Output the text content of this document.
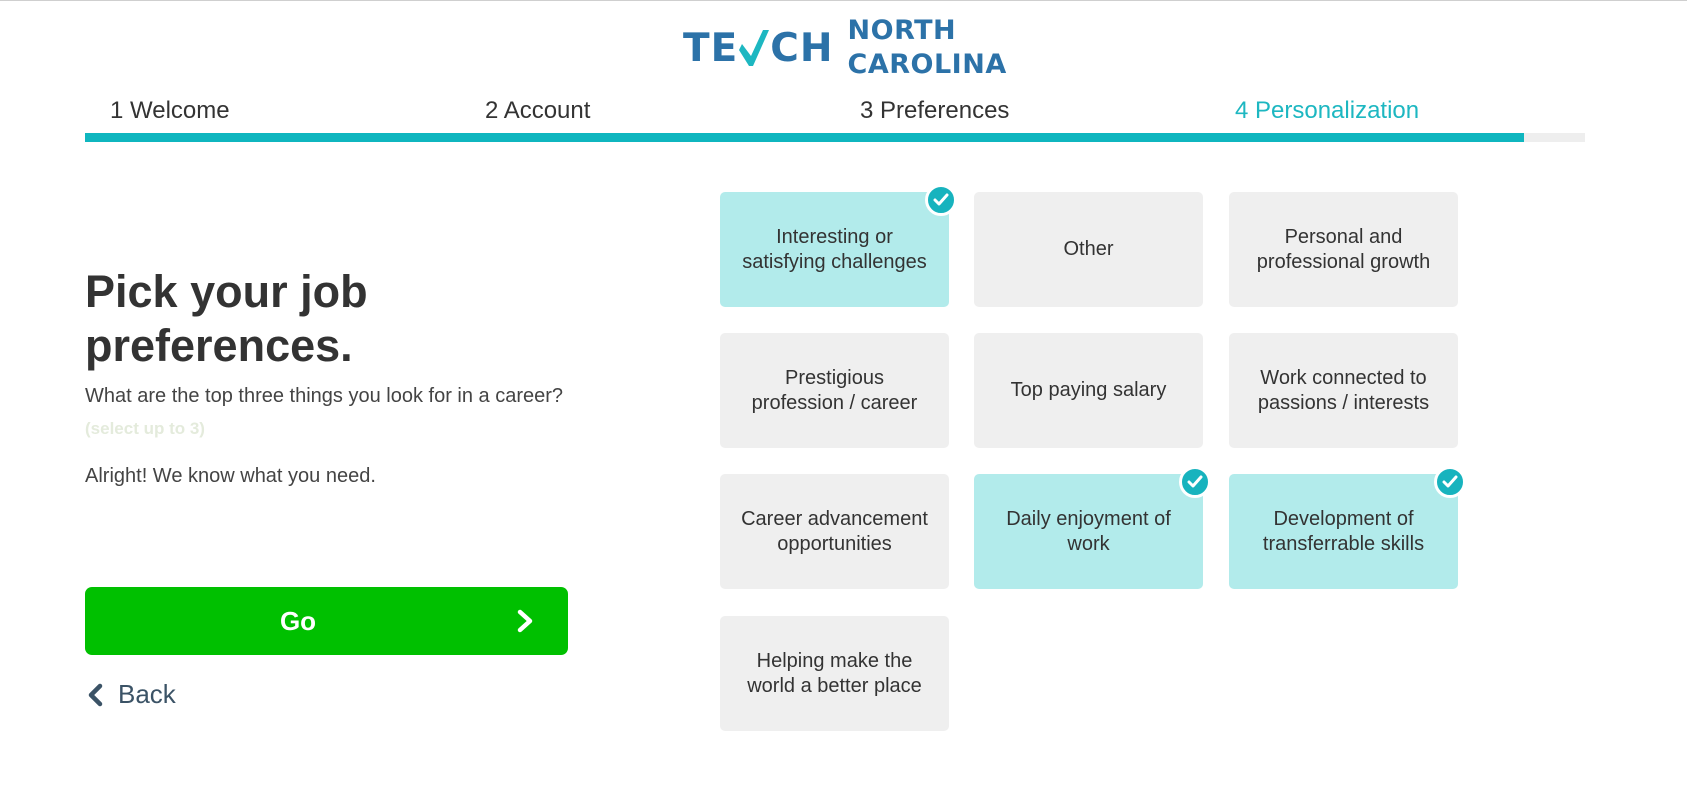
TE CH NORTH
CAROLINA
1 Welcome	2 Account	3 Preferences	4 Personalization
Pick your job
preferences.
What are the top three things you look for in a career?
(select up to 3)
Alright! We know what you need.
Go
Back
Interesting or satisfying challenges
Other
Personal and professional growth
Prestigious profession / career
Top paying salary
Work connected to passions / interests
Career advancement opportunities
Daily enjoyment of work
Development of transferrable skills
Helping make the world a better place
